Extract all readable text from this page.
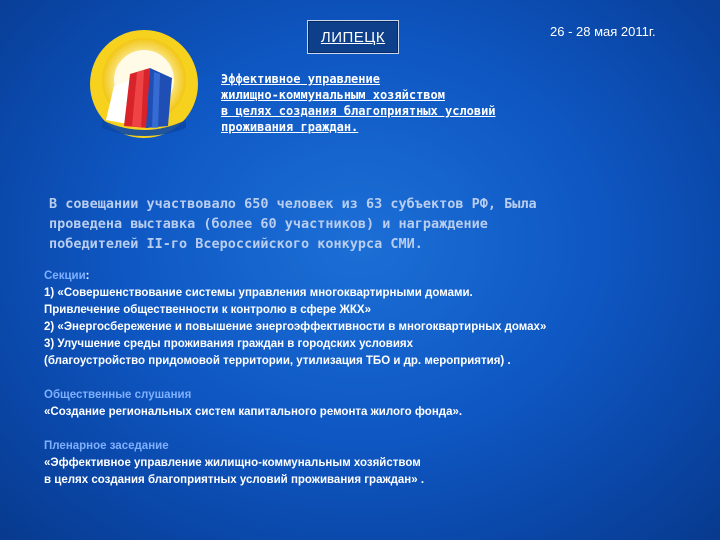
ЛИПЕЦК	26 - 28 мая 2011г.
Эффективное управление
жилищно-коммунальным хозяйством
в целях создания благоприятных условий
проживания граждан.
В совещании участвовало 650 человек из 63 субъектов РФ, Была
проведена выставка (более 60 участников) и награждение
победителей II-го Всероссийского конкурса СМИ.
Секции:
1) «Совершенствование системы управления многоквартирными домами.
Привлечение общественности к контролю в сфере ЖКХ»
2) «Энергосбережение и повышение энергоэффективности в многоквартирных домах»
3) Улучшение среды проживания граждан в городских условиях
(благоустройство придомовой территории, утилизация ТБО и др. мероприятия) .
Общественные слушания
«Создание региональных систем капитального ремонта жилого фонда».
Пленарное заседание
«Эффективное управление жилищно-коммунальным хозяйством
в целях создания благоприятных условий проживания граждан» .
